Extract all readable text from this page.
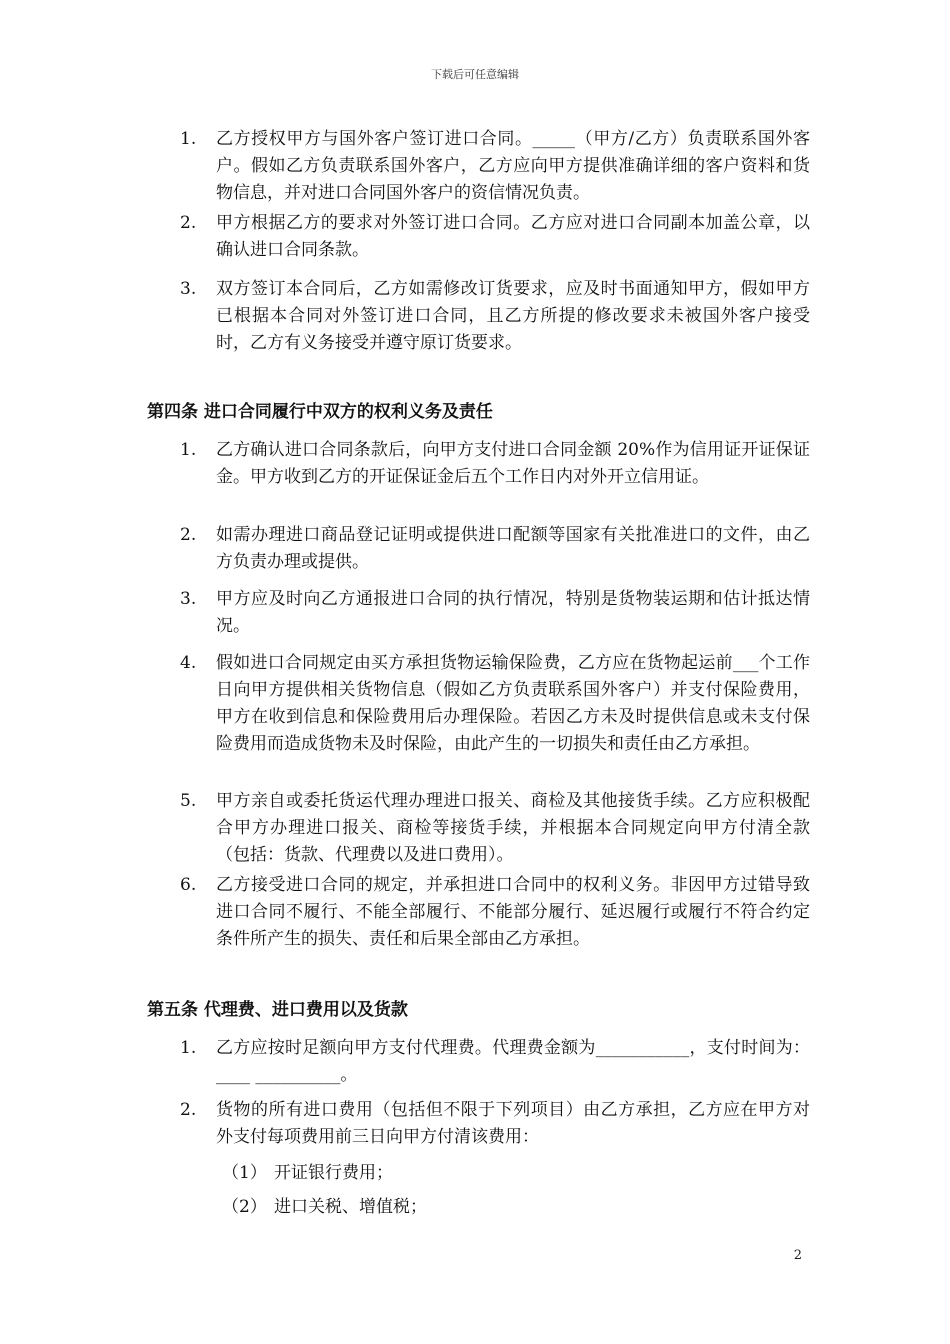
下载后可任意编辑
1. 乙方授权甲方与国外客户签订进口合同。_____（甲方/乙方）负责联系国外客户。假如乙方负责联系国外客户，乙方应向甲方提供准确详细的客户资料和货物信息，并对进口合同国外客户的资信情况负责。
2. 甲方根据乙方的要求对外签订进口合同。乙方应对进口合同副本加盖公章，以确认进口合同条款。
3. 双方签订本合同后，乙方如需修改订货要求，应及时书面通知甲方，假如甲方已根据本合同对外签订进口合同，且乙方所提的修改要求未被国外客户接受时，乙方有义务接受并遵守原订货要求。
第四条 进口合同履行中双方的权利义务及责任
1. 乙方确认进口合同条款后，向甲方支付进口合同金额 20%作为信用证开证保证金。甲方收到乙方的开证保证金后五个工作日内对外开立信用证。
2. 如需办理进口商品登记证明或提供进口配额等国家有关批准进口的文件，由乙方负责办理或提供。
3. 甲方应及时向乙方通报进口合同的执行情况，特别是货物装运期和估计抵达情况。
4. 假如进口合同规定由买方承担货物运输保险费，乙方应在货物起运前___个工作日向甲方提供相关货物信息（假如乙方负责联系国外客户）并支付保险费用，甲方在收到信息和保险费用后办理保险。若因乙方未及时提供信息或未支付保险费用而造成货物未及时保险，由此产生的一切损失和责任由乙方承担。
5. 甲方亲自或委托货运代理办理进口报关、商检及其他接货手续。乙方应积极配合甲方办理进口报关、商检等接货手续，并根据本合同规定向甲方付清全款（包括：货款、代理费以及进口费用）。
6. 乙方接受进口合同的规定，并承担进口合同中的权利义务。非因甲方过错导致进口合同不履行、不能全部履行、不能部分履行、延迟履行或履行不符合约定条件所产生的损失、责任和后果全部由乙方承担。
第五条 代理费、进口费用以及货款
1. 乙方应按时足额向甲方支付代理费。代理费金额为___________，支付时间为：____ __________。
2. 货物的所有进口费用（包括但不限于下列项目）由乙方承担，乙方应在甲方对外支付每项费用前三日向甲方付清该费用：
（1） 开证银行费用；
（2） 进口关税、增值税；
2
